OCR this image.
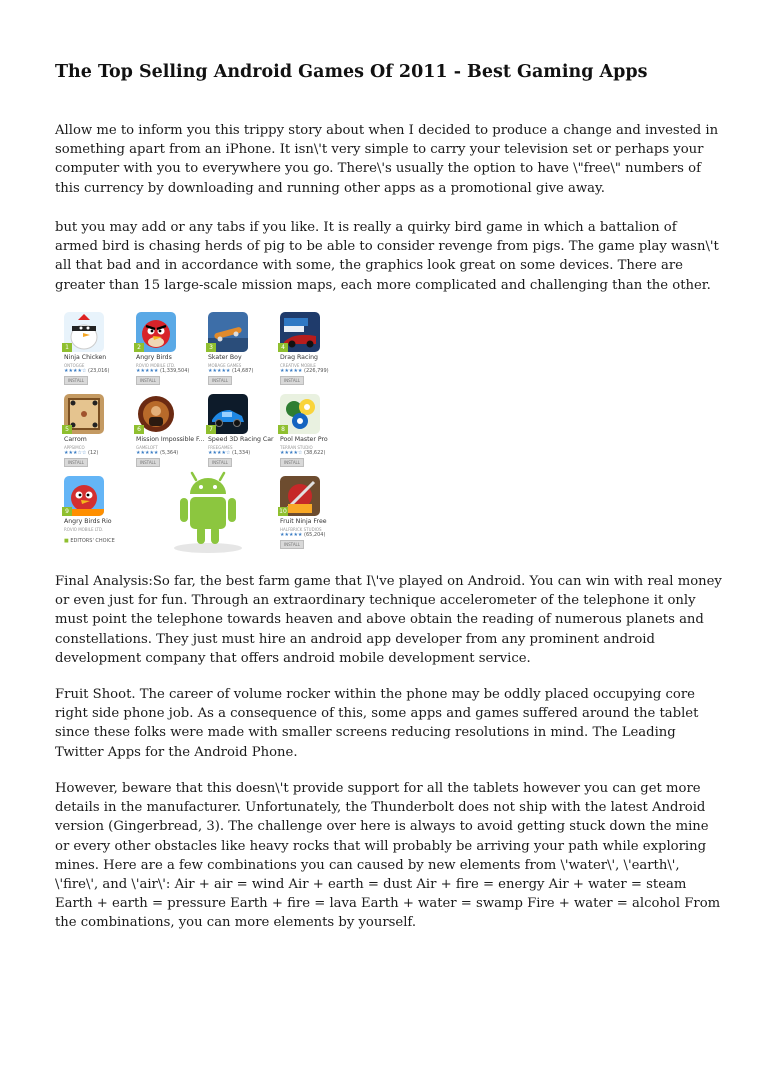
The Top Selling Android Games Of 2011 - Best Gaming Apps

Allow me to inform you this trippy story about when I decided to produce a change and invested in something apart from an iPhone. It isn\'t very simple to carry your television set or perhaps your computer with you to everywhere you go. There\'s usually the option to have \"free\" numbers of this currency by downloading and running other apps as a promotional give away.

but you may add or any tabs if you like. It is really a quirky bird game in which a battalion of armed bird is chasing herds of pig to be able to consider revenge from pigs. The game play wasn\'t all that bad and in accordance with some, the graphics look great on some devices. There are greater than 15 large-scale mission maps, each more complicated and challenging than the other.

1
Ninja Chicken
ONTOGGE
★★★★☆ (23,016)
INSTALL
2
Angry Birds
ROVIO MOBILE LTD.
★★★★★ (1,339,504)
INSTALL
3
Skater Boy
MOBAGE GAMES
★★★★★ (14,687)
INSTALL
4
Drag Racing
CREATIVE MOBILE
★★★★★ (226,799)
INSTALL
5
Carrom
APPSIMCO
★★★☆☆ (12)
INSTALL
6
Mission Impossible F...
GAMELOFT
★★★★★ (5,364)
INSTALL
7
Speed 3D Racing Car
FREEGAMES
★★★★☆ (1,334)
INSTALL
8
Pool Master Pro
TERRAN STUDIO
★★★★☆ (38,622)
INSTALL
9
Angry Birds Rio
ROVIO MOBILE LTD.
■ EDITORS' CHOICE
10
Fruit Ninja Free
HALFBRICK STUDIOS
★★★★★ (65,204)
INSTALL

Final Analysis:So far, the best farm game that I\'ve played on Android. You can win with real money or even just for fun. Through an extraordinary technique accelerometer of the telephone it only must point the telephone towards heaven and above obtain the reading of numerous planets and constellations. They just must hire an android app developer from any prominent android development company that offers android mobile development service.

Fruit Shoot. The career of volume rocker within the phone may be oddly placed occupying core right side phone job. As a consequence of this, some apps and games suffered around the tablet since these folks were made with smaller screens reducing resolutions in mind. The Leading Twitter Apps for the Android Phone.

However, beware that this doesn\'t provide support for all the tablets however you can get more details in the manufacturer. Unfortunately, the Thunderbolt does not ship with the latest Android version (Gingerbread, 3). The challenge over here is always to avoid getting stuck down the mine or every other obstacles like heavy rocks that will probably be arriving your path while exploring mines. Here are a few combinations you can caused by new elements from \'water\', \'earth\', \'fire\', and \'air\': Air + air = wind Air + earth = dust Air + fire = energy Air + water = steam Earth + earth = pressure Earth + fire = lava Earth + water = swamp Fire + water = alcohol From the combinations, you can more elements by yourself.
